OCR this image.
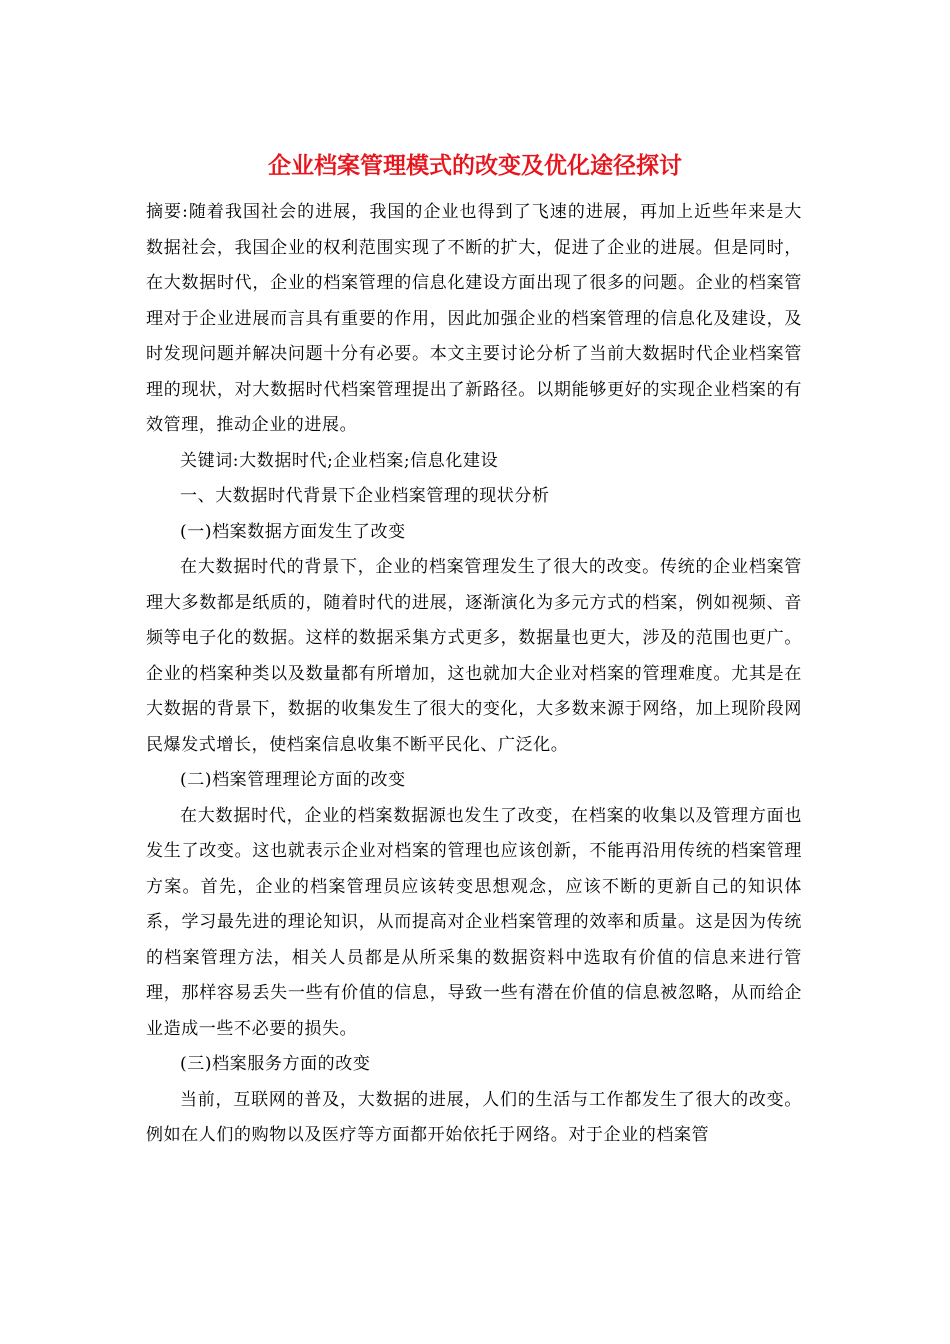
企业档案管理模式的改变及优化途径探讨

摘要:随着我国社会的进展，我国的企业也得到了飞速的进展，再加上近些年来是大数据社会，我国企业的权利范围实现了不断的扩大，促进了企业的进展。但是同时，在大数据时代，企业的档案管理的信息化建设方面出现了很多的问题。企业的档案管理对于企业进展而言具有重要的作用，因此加强企业的档案管理的信息化及建设，及时发现问题并解决问题十分有必要。本文主要讨论分析了当前大数据时代企业档案管理的现状，对大数据时代档案管理提出了新路径。以期能够更好的实现企业档案的有效管理，推动企业的进展。

关键词:大数据时代;企业档案;信息化建设

一、大数据时代背景下企业档案管理的现状分析

(一)档案数据方面发生了改变

在大数据时代的背景下，企业的档案管理发生了很大的改变。传统的企业档案管理大多数都是纸质的，随着时代的进展，逐渐演化为多元方式的档案，例如视频、音频等电子化的数据。这样的数据采集方式更多，数据量也更大，涉及的范围也更广。企业的档案种类以及数量都有所增加，这也就加大企业对档案的管理难度。尤其是在大数据的背景下，数据的收集发生了很大的变化，大多数来源于网络，加上现阶段网民爆发式增长，使档案信息收集不断平民化、广泛化。

(二)档案管理理论方面的改变

在大数据时代，企业的档案数据源也发生了改变，在档案的收集以及管理方面也发生了改变。这也就表示企业对档案的管理也应该创新，不能再沿用传统的档案管理方案。首先，企业的档案管理员应该转变思想观念，应该不断的更新自己的知识体系，学习最先进的理论知识，从而提高对企业档案管理的效率和质量。这是因为传统的档案管理方法，相关人员都是从所采集的数据资料中选取有价值的信息来进行管理，那样容易丢失一些有价值的信息，导致一些有潜在价值的信息被忽略，从而给企业造成一些不必要的损失。

(三)档案服务方面的改变

当前，互联网的普及，大数据的进展，人们的生活与工作都发生了很大的改变。例如在人们的购物以及医疗等方面都开始依托于网络。对于企业的档案管
